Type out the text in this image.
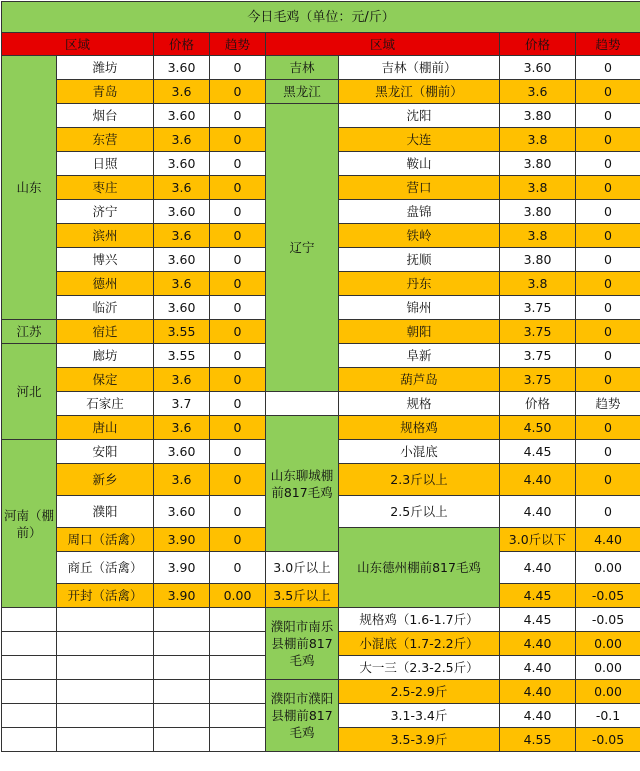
今日毛鸡（单位：元/斤）								
区域		价格	趋势	区域		价格	趋势	
山东	潍坊	3.60	0	吉林	吉林（棚前）	3.60	0	
	青岛	3.6	0	黑龙江	黑龙江（棚前）	3.6	0	
	烟台	3.60	0	辽宁	沈阳	3.80	0	
	东营	3.6	0		大连	3.8	0	
	日照	3.60	0		鞍山	3.80	0	
	枣庄	3.6	0		营口	3.8	0	
	济宁	3.60	0		盘锦	3.80	0	
	滨州	3.6	0		铁岭	3.8	0	
	博兴	3.60	0		抚顺	3.80	0	
	德州	3.6	0		丹东	3.8	0	
	临沂	3.60	0		锦州	3.75	0	
江苏	宿迁	3.55	0		朝阳	3.75	0	
河北	廊坊	3.55	0		阜新	3.75	0	
	保定	3.6	0		葫芦岛	3.75	0	
	石家庄	3.7	0		规格	价格	趋势	
	唐山	3.6	0	山东聊城棚前817毛鸡	规格鸡	4.50	0	
河南（棚前）	安阳	3.60	0		小混底	4.45	0	
	新乡	3.6	0		2.3斤以上	4.40	0	
	濮阳	3.60	0		2.5斤以上	4.40	0	
	周口（活禽）	3.90	0		山东德州棚前817毛鸡	3.0斤以下	4.40	
	商丘（活禽）	3.90	0	3.0斤以上		4.40	0.00	
	开封（活禽）	3.90	0.00	3.5斤以上		4.45	-0.05	
				濮阳市南乐县棚前817毛鸡	规格鸡（1.6-1.7斤）	4.45	-0.05	
					小混底（1.7-2.2斤）	4.40	0.00	
					大一三（2.3-2.5斤）	4.40	0.00	
				濮阳市濮阳县棚前817毛鸡	2.5-2.9斤	4.40	0.00	
					3.1-3.4斤	4.40	-0.1	
					3.5-3.9斤	4.55	-0.05	
